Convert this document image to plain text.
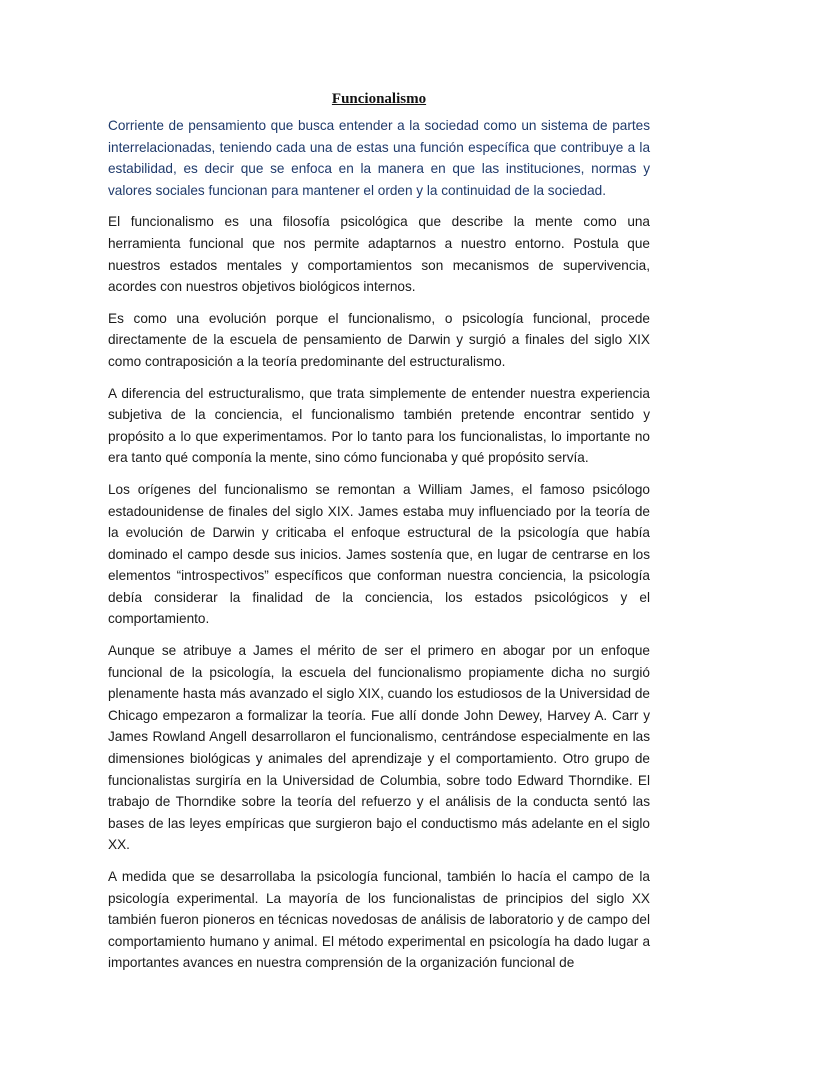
Funcionalismo

Corriente de pensamiento que busca entender a la sociedad como un sistema de partes interrelacionadas, teniendo cada una de estas una función específica que contribuye a la estabilidad, es decir que se enfoca en la manera en que las instituciones, normas y valores sociales funcionan para mantener el orden y la continuidad de la sociedad.

El funcionalismo es una filosofía psicológica que describe la mente como una herramienta funcional que nos permite adaptarnos a nuestro entorno. Postula que nuestros estados mentales y comportamientos son mecanismos de supervivencia, acordes con nuestros objetivos biológicos internos.

Es como una evolución porque el funcionalismo, o psicología funcional, procede directamente de la escuela de pensamiento de Darwin y surgió a finales del siglo XIX como contraposición a la teoría predominante del estructuralismo.

A diferencia del estructuralismo, que trata simplemente de entender nuestra experiencia subjetiva de la conciencia, el funcionalismo también pretende encontrar sentido y propósito a lo que experimentamos. Por lo tanto para los funcionalistas, lo importante no era tanto qué componía la mente, sino cómo funcionaba y qué propósito servía.

Los orígenes del funcionalismo se remontan a William James, el famoso psicólogo estadounidense de finales del siglo XIX. James estaba muy influenciado por la teoría de la evolución de Darwin y criticaba el enfoque estructural de la psicología que había dominado el campo desde sus inicios. James sostenía que, en lugar de centrarse en los elementos “introspectivos” específicos que conforman nuestra conciencia, la psicología debía considerar la finalidad de la conciencia, los estados psicológicos y el comportamiento.

Aunque se atribuye a James el mérito de ser el primero en abogar por un enfoque funcional de la psicología, la escuela del funcionalismo propiamente dicha no surgió plenamente hasta más avanzado el siglo XIX, cuando los estudiosos de la Universidad de Chicago empezaron a formalizar la teoría. Fue allí donde John Dewey, Harvey A. Carr y James Rowland Angell desarrollaron el funcionalismo, centrándose especialmente en las dimensiones biológicas y animales del aprendizaje y el comportamiento. Otro grupo de funcionalistas surgiría en la Universidad de Columbia, sobre todo Edward Thorndike. El trabajo de Thorndike sobre la teoría del refuerzo y el análisis de la conducta sentó las bases de las leyes empíricas que surgieron bajo el conductismo más adelante en el siglo XX.

A medida que se desarrollaba la psicología funcional, también lo hacía el campo de la psicología experimental. La mayoría de los funcionalistas de principios del siglo XX también fueron pioneros en técnicas novedosas de análisis de laboratorio y de campo del comportamiento humano y animal. El método experimental en psicología ha dado lugar a importantes avances en nuestra comprensión de la organización funcional de
